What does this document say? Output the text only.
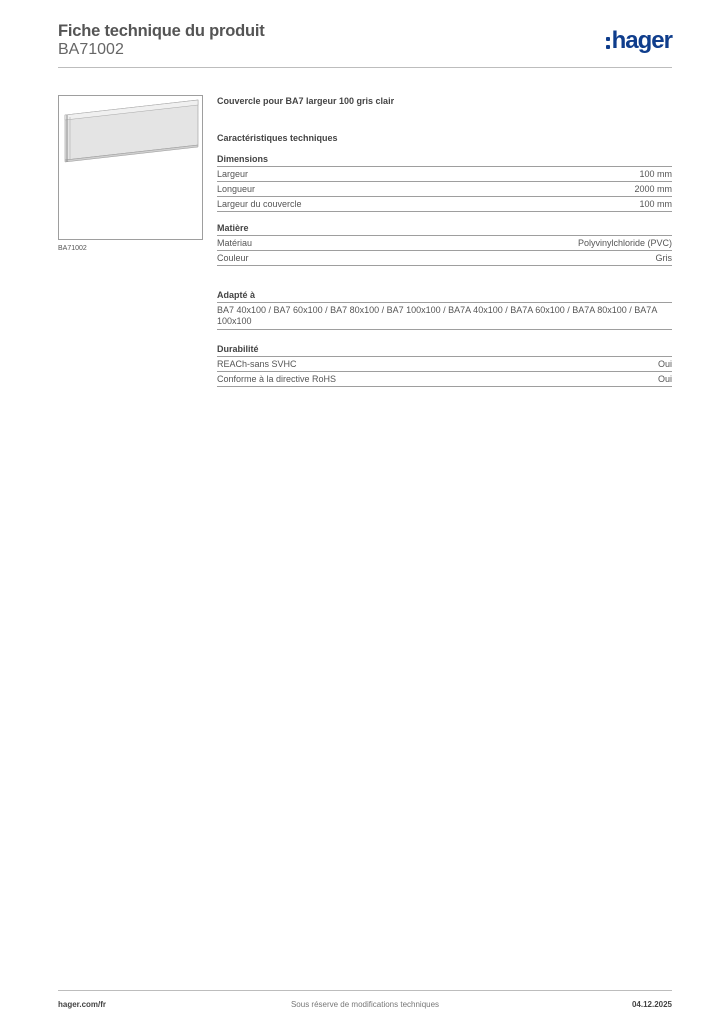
Fiche technique du produit
BA71002	hager
BA71002
Couvercle pour BA7 largeur 100 gris clair
Caractéristiques techniques
Dimensions
Largeur	100 mm
Longueur	2000 mm
Largeur du couvercle	100 mm
Matière
Matériau	Polyvinylchloride (PVC)
Couleur	Gris
Adapté à
BA7 40x100 / BA7 60x100 / BA7 80x100 / BA7 100x100 / BA7A 40x100 / BA7A 60x100 / BA7A 80x100 / BA7A 100x100
Durabilité
REACh-sans SVHC	Oui
Conforme à la directive RoHS	Oui
hager.com/fr	Sous réserve de modifications techniques	04.12.2025
